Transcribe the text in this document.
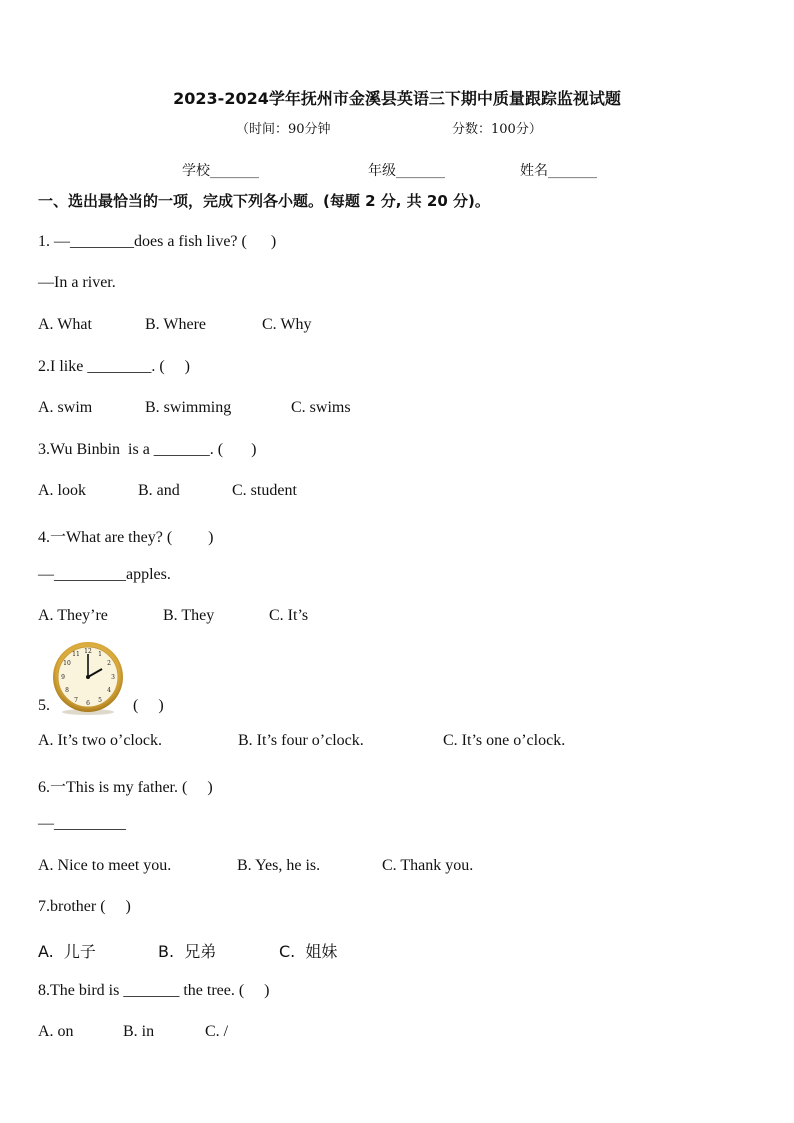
2023-2024学年抚州市金溪县英语三下期中质量跟踪监视试题
（时间：90分钟	分数：100分）
学校_______	年级_______	姓名_______
一、选出最恰当的一项，完成下列各小题。(每题 2 分, 共 20 分)。
1. —________does a fish live? (      )
—In a river.
A. What	B. Where	C. Why
2.I like ________. (     )
A. swim	B. swimming	C. swims
3.Wu Binbin  is a _______. (       )
A. look	B. and	C. student
4.一What are they? (         )
—_________apples.
A. They’re	B. They	C. It’s
12 1
2
3
4
5
6
7
8
9
10
11
5.	(     )
A. It’s two o’clock.	B. It’s four o’clock.	C. It’s one o’clock.
6.一This is my father. (     )
—_________
A. Nice to meet you.	B. Yes, he is.	C. Thank you.
7.brother (     )
A.  儿子	B.  兄弟	C.  姐妹
8.The bird is _______ the tree. (     )
A. on	B. in	C. /
